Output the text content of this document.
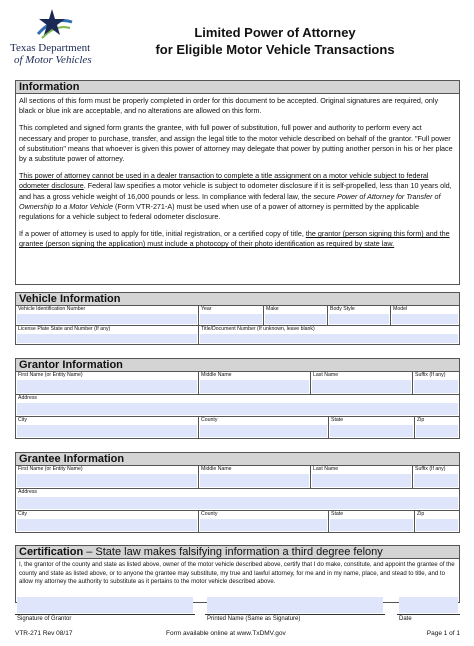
Texas Department
of Motor Vehicles
Limited Power of Attorney
for Eligible Motor Vehicle Transactions
Information

All sections of this form must be properly completed in order for this document to be accepted. Original signatures are required, only black or blue ink are acceptable, and no alterations are allowed on this form.

This completed and signed form grants the grantee, with full power of substitution, full power and authority to perform every act necessary and proper to purchase, transfer, and assign the legal title to the motor vehicle described on behalf of the grantor. "Full power of substitution" means that whoever is given this power of attorney may delegate that power by putting another person in his or her place by a substitute power of attorney.

This power of attorney cannot be used in a dealer transaction to complete a title assignment on a motor vehicle subject to federal odometer disclosure. Federal law specifies a motor vehicle is subject to odometer disclosure if it is self-propelled, less than 10 years old, and has a gross vehicle weight of 16,000 pounds or less. In compliance with federal law, the secure Power of Attorney for Transfer of Ownership to a Motor Vehicle (Form VTR-271-A) must be used when use of a power of attorney is permitted by the applicable regulations for a vehicle subject to federal odometer disclosure.

If a power of attorney is used to apply for title, initial registration, or a certified copy of title, the grantor (person signing this form) and the grantee (person signing the application) must include a photocopy of their photo identification as required by state law.

Vehicle Information
Vehicle Identification Number	Year	Make	Body Style	Model
License Plate State and Number (If any)	Title/Document Number (If unknown, leave blank)
Grantor Information
First Name (or Entity Name)	Middle Name	Last Name	Suffix (If any)
Address
City	County	State	Zip
Grantee Information
First Name (or Entity Name)	Middle Name	Last Name	Suffix (If any)
Address
City	County	State	Zip
Certification – State law makes falsifying information a third degree felony
I, the grantor of the county and state as listed above, owner of the motor vehicle described above, certify that I do make, constitute, and appoint the grantee of the county and state as listed above, or to anyone the grantee may substitute, my true and lawful attorney, for me and in my name, place, and stead to title, and to allow my attorney the authority to substitute as it pertains to the motor vehicle described above.
Signature of Grantor	Printed Name (Same as Signature)	Date
VTR-271 Rev 08/17	Form available online at www.TxDMV.gov	Page 1 of 1
